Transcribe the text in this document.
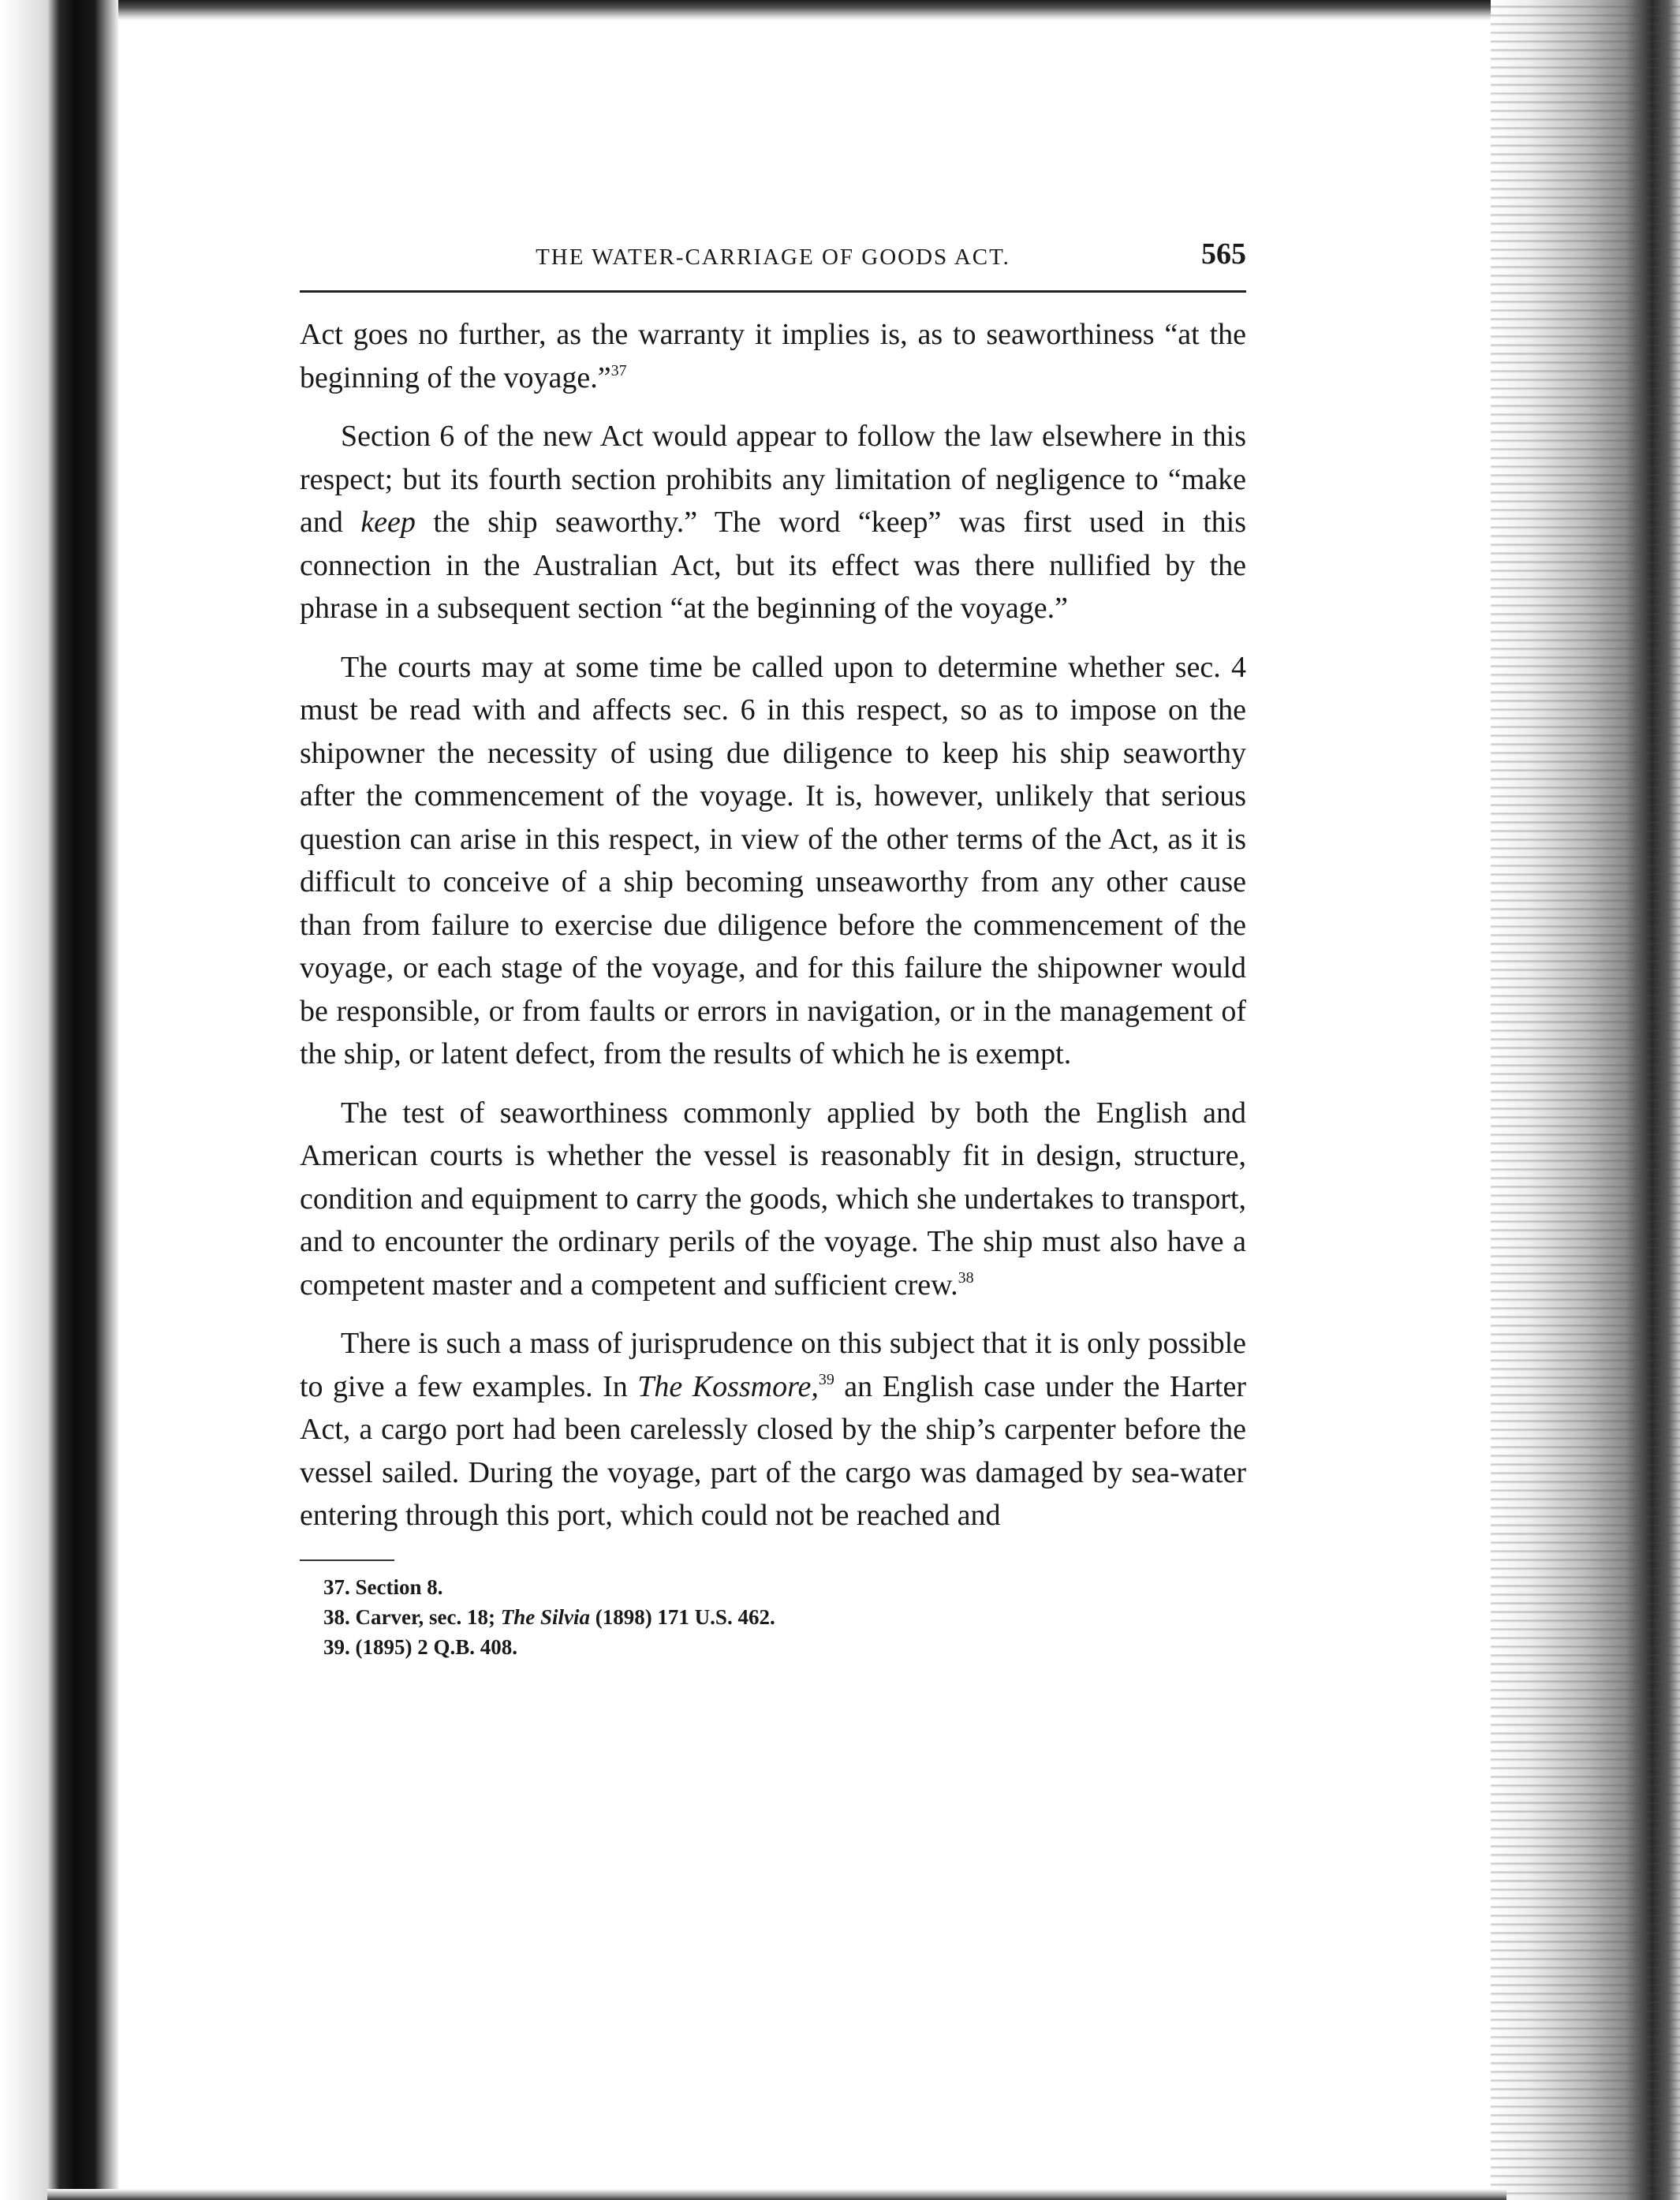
THE WATER-CARRIAGE OF GOODS ACT.	565

Act goes no further, as the warranty it implies is, as to seaworthiness “at the beginning of the voyage.”$^{37}$

Section 6 of the new Act would appear to follow the law elsewhere in this respect; but its fourth section prohibits any limitation of negligence to “make and keep the ship seaworthy.” The word “keep” was first used in this connection in the Australian Act, but its effect was there nullified by the phrase in a subsequent section “at the beginning of the voyage.”

The courts may at some time be called upon to determine whether sec. 4 must be read with and affects sec. 6 in this respect, so as to impose on the shipowner the necessity of using due diligence to keep his ship seaworthy after the commencement of the voyage. It is, however, unlikely that serious question can arise in this respect, in view of the other terms of the Act, as it is difficult to conceive of a ship becoming unseaworthy from any other cause than from failure to exercise due diligence before the commencement of the voyage, or each stage of the voyage, and for this failure the shipowner would be responsible, or from faults or errors in navigation, or in the management of the ship, or latent defect, from the results of which he is exempt.

The test of seaworthiness commonly applied by both the English and American courts is whether the vessel is reasonably fit in design, structure, condition and equipment to carry the goods, which she undertakes to transport, and to encounter the ordinary perils of the voyage. The ship must also have a competent master and a competent and sufficient crew.$^{38}$

There is such a mass of jurisprudence on this subject that it is only possible to give a few examples. In The Kossmore,$^{39}$ an English case under the Harter Act, a cargo port had been carelessly closed by the ship’s carpenter before the vessel sailed. During the voyage, part of the cargo was damaged by sea-water entering through this port, which could not be reached and

37. Section 8.
38. Carver, sec. 18; The Silvia (1898) 171 U.S. 462.
39. (1895) 2 Q.B. 408.
